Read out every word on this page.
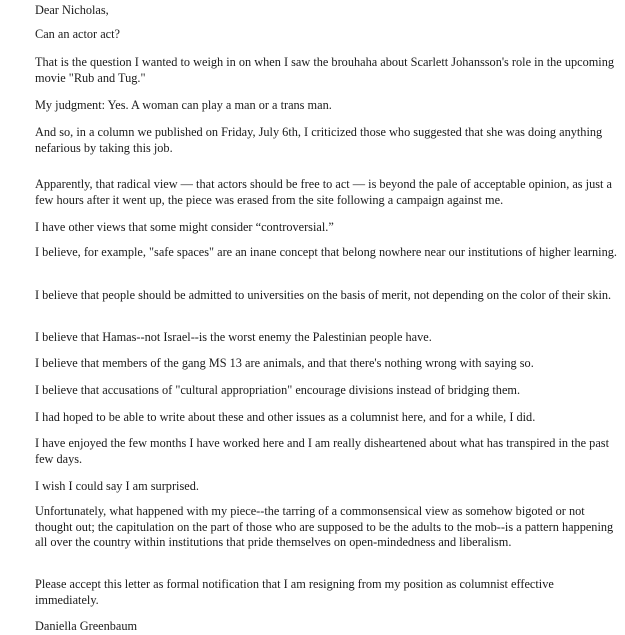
Dear Nicholas,

Can an actor act?

That is the question I wanted to weigh in on when I saw the brouhaha about Scarlett Johansson's role in the upcoming movie "Rub and Tug."

My judgment: Yes. A woman can play a man or a trans man.

And so, in a column we published on Friday, July 6th, I criticized those who suggested that she was doing anything nefarious by taking this job.

Apparently, that radical view — that actors should be free to act — is beyond the pale of acceptable opinion, as just a few hours after it went up, the piece was erased from the site following a campaign against me.

I have other views that some might consider “controversial.”

I believe, for example, "safe spaces" are an inane concept that belong nowhere near our institutions of higher learning.

I believe that people should be admitted to universities on the basis of merit, not depending on the color of their skin.

I believe that Hamas--not Israel--is the worst enemy the Palestinian people have.

I believe that members of the gang MS 13 are animals, and that there's nothing wrong with saying so.

I believe that accusations of "cultural appropriation" encourage divisions instead of bridging them.

I had hoped to be able to write about these and other issues as a columnist here, and for a while, I did.

I have enjoyed the few months I have worked here and I am really disheartened about what has transpired in the past few days.

I wish I could say I am surprised.

Unfortunately, what happened with my piece--the tarring of a commonsensical view as somehow bigoted or not thought out; the capitulation on the part of those who are supposed to be the adults to the mob--is a pattern happening all over the country within institutions that pride themselves on open-mindedness and liberalism.

Please accept this letter as formal notification that I am resigning from my position as columnist effective immediately.

Daniella Greenbaum
